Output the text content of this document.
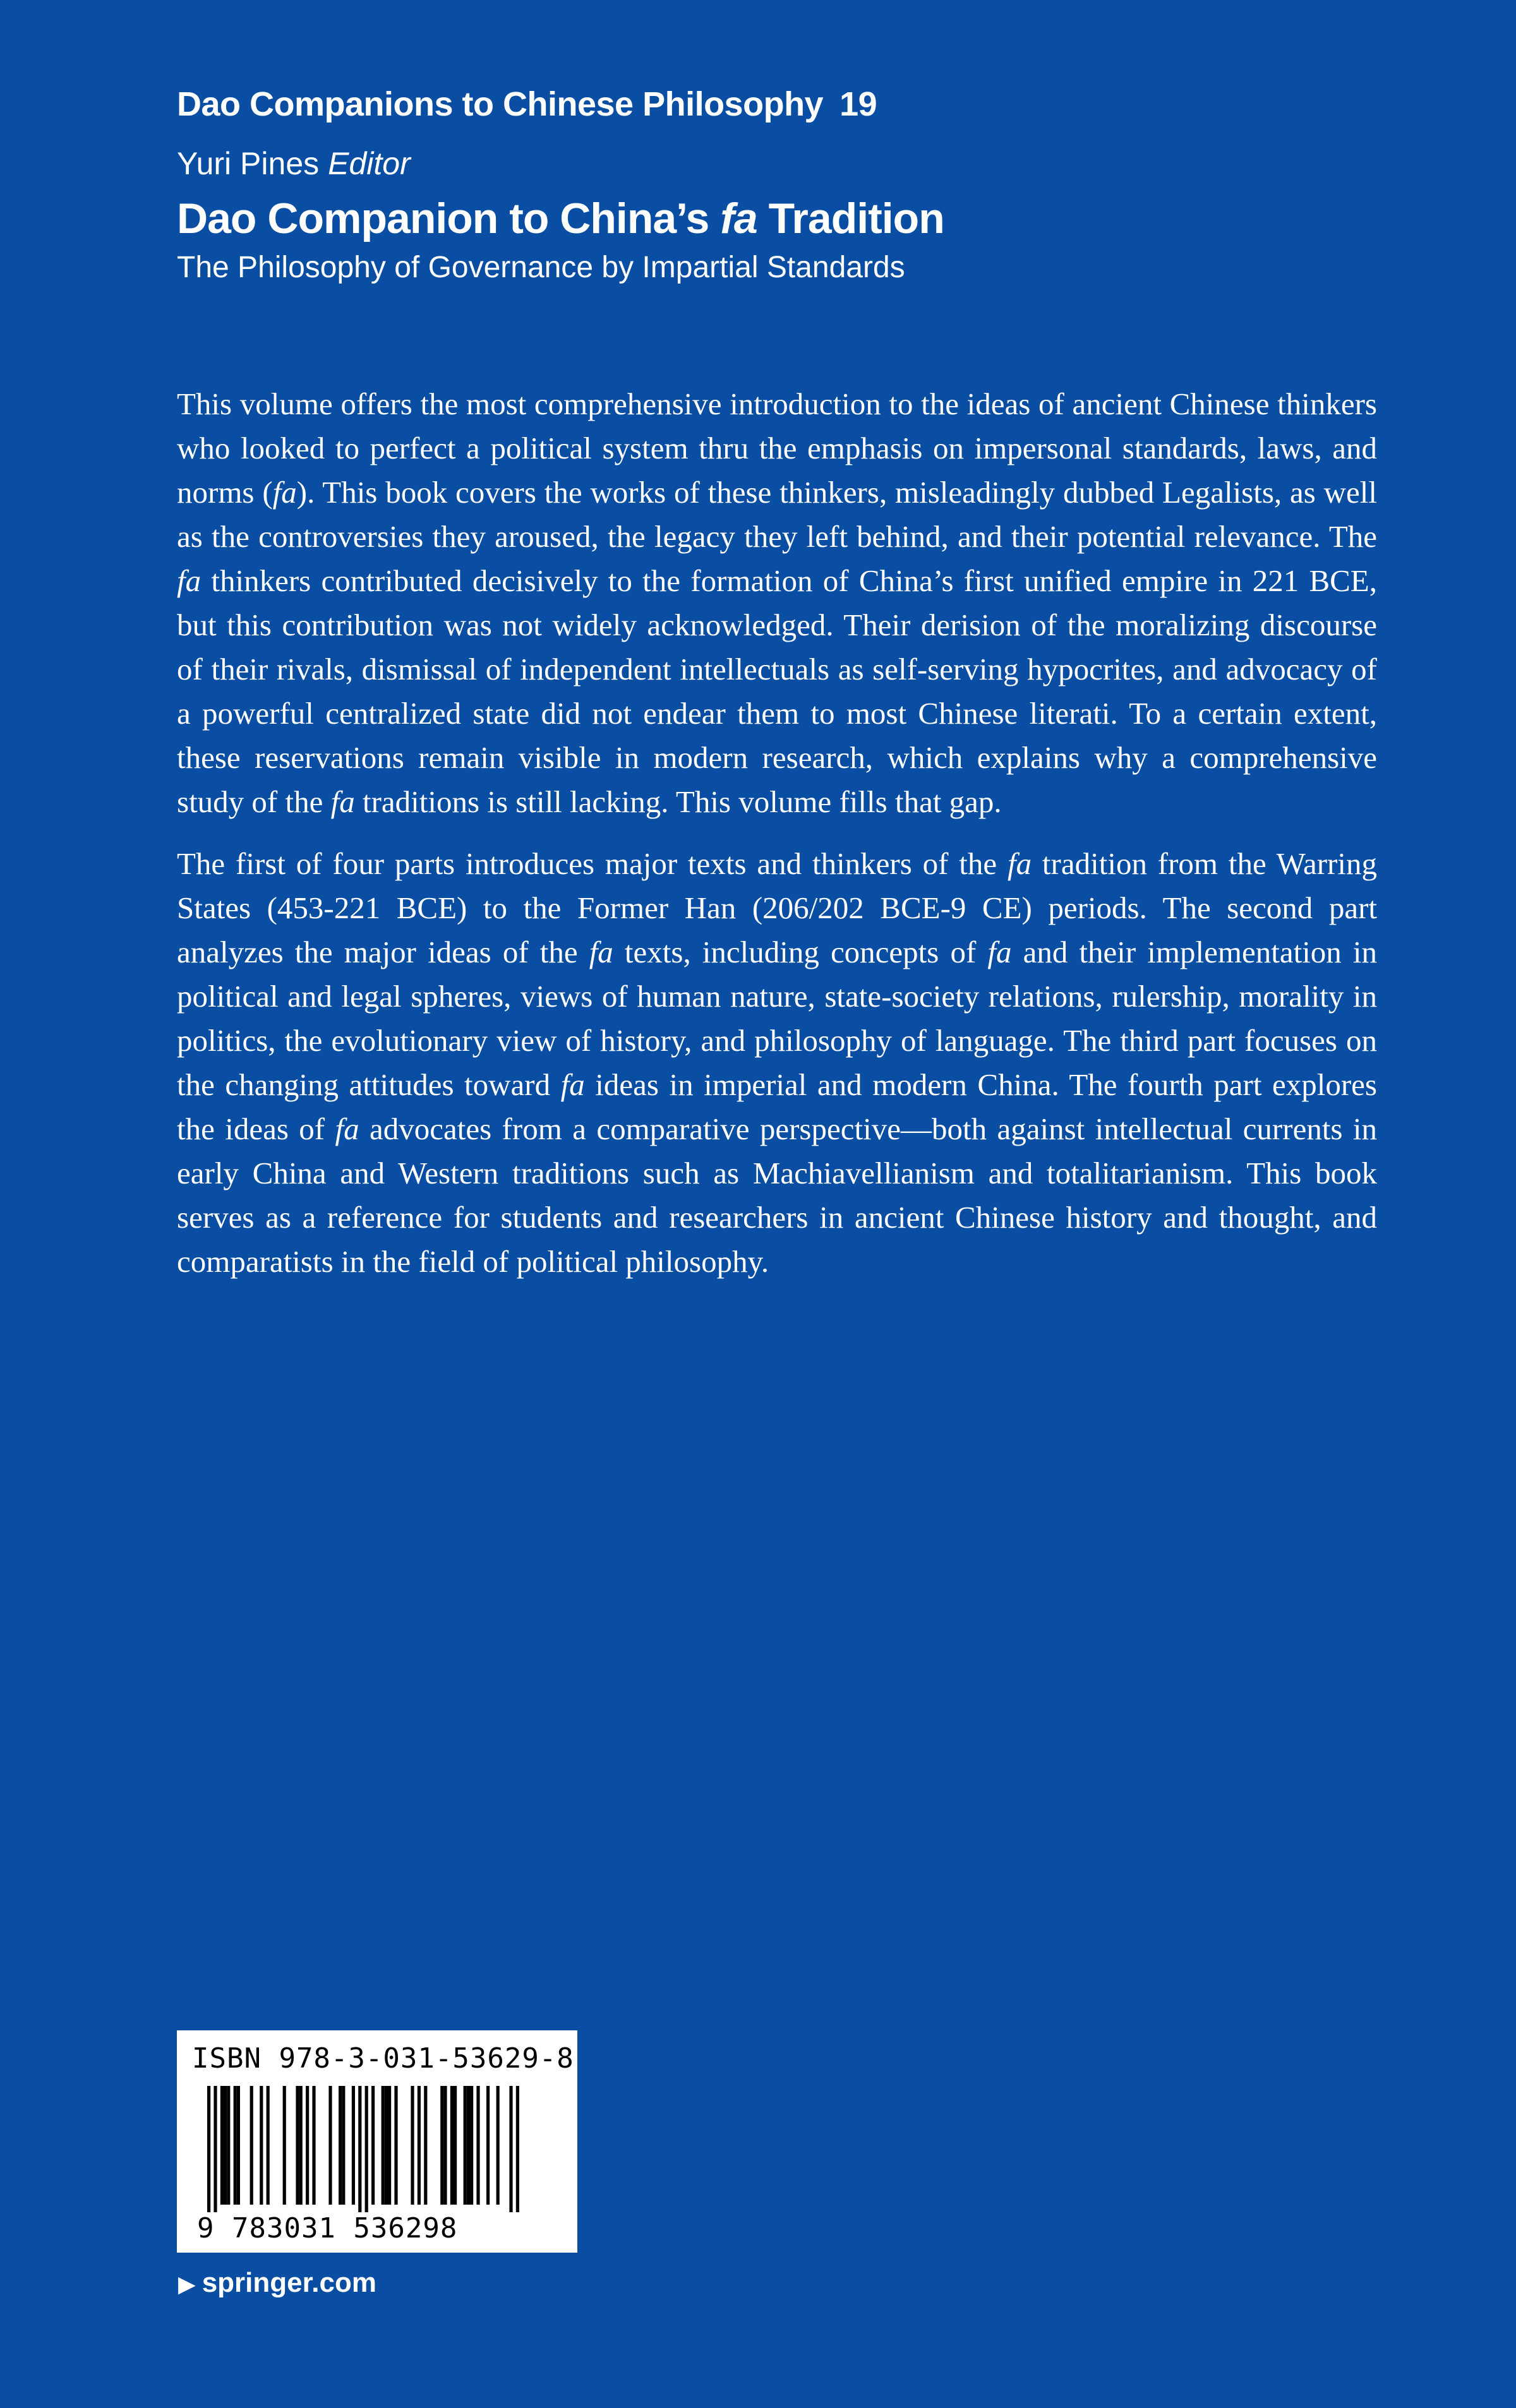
Dao Companions to Chinese Philosophy 19
Yuri Pines Editor
Dao Companion to China’s fa Tradition
The Philosophy of Governance by Impartial Standards

This volume offers the most comprehensive introduction to the ideas of ancient Chinese thinkers who looked to perfect a political system thru the emphasis on impersonal standards, laws, and norms (fa). This book covers the works of these thinkers, misleadingly dubbed Legalists, as well as the controversies they aroused, the legacy they left behind, and their potential relevance. The fa thinkers contributed decisively to the formation of China’s first unified empire in 221 BCE, but this contribution was not widely acknowledged. Their derision of the moralizing discourse of their rivals, dismissal of independent intellectuals as self-serving hypocrites, and advocacy of a powerful centralized state did not endear them to most Chinese literati. To a certain extent, these reservations remain visible in modern research, which explains why a comprehensive study of the fa traditions is still lacking. This volume fills that gap.

The first of four parts introduces major texts and thinkers of the fa tradition from the Warring States (453-221 BCE) to the Former Han (206/202 BCE-9 CE) periods. The second part analyzes the major ideas of the fa texts, including concepts of fa and their implementation in political and legal spheres, views of human nature, state-society relations, rulership, morality in politics, the evolutionary view of history, and philosophy of language. The third part focuses on the changing attitudes toward fa ideas in imperial and modern China. The fourth part explores the ideas of fa advocates from a comparative perspective—both against intellectual currents in early China and Western traditions such as Machiavellianism and totalitarianism. This book serves as a reference for students and researchers in ancient Chinese history and thought, and comparatists in the field of political philosophy.

ISBN 978-3-031-53629-8
9 783031 536298
▶ springer.com
